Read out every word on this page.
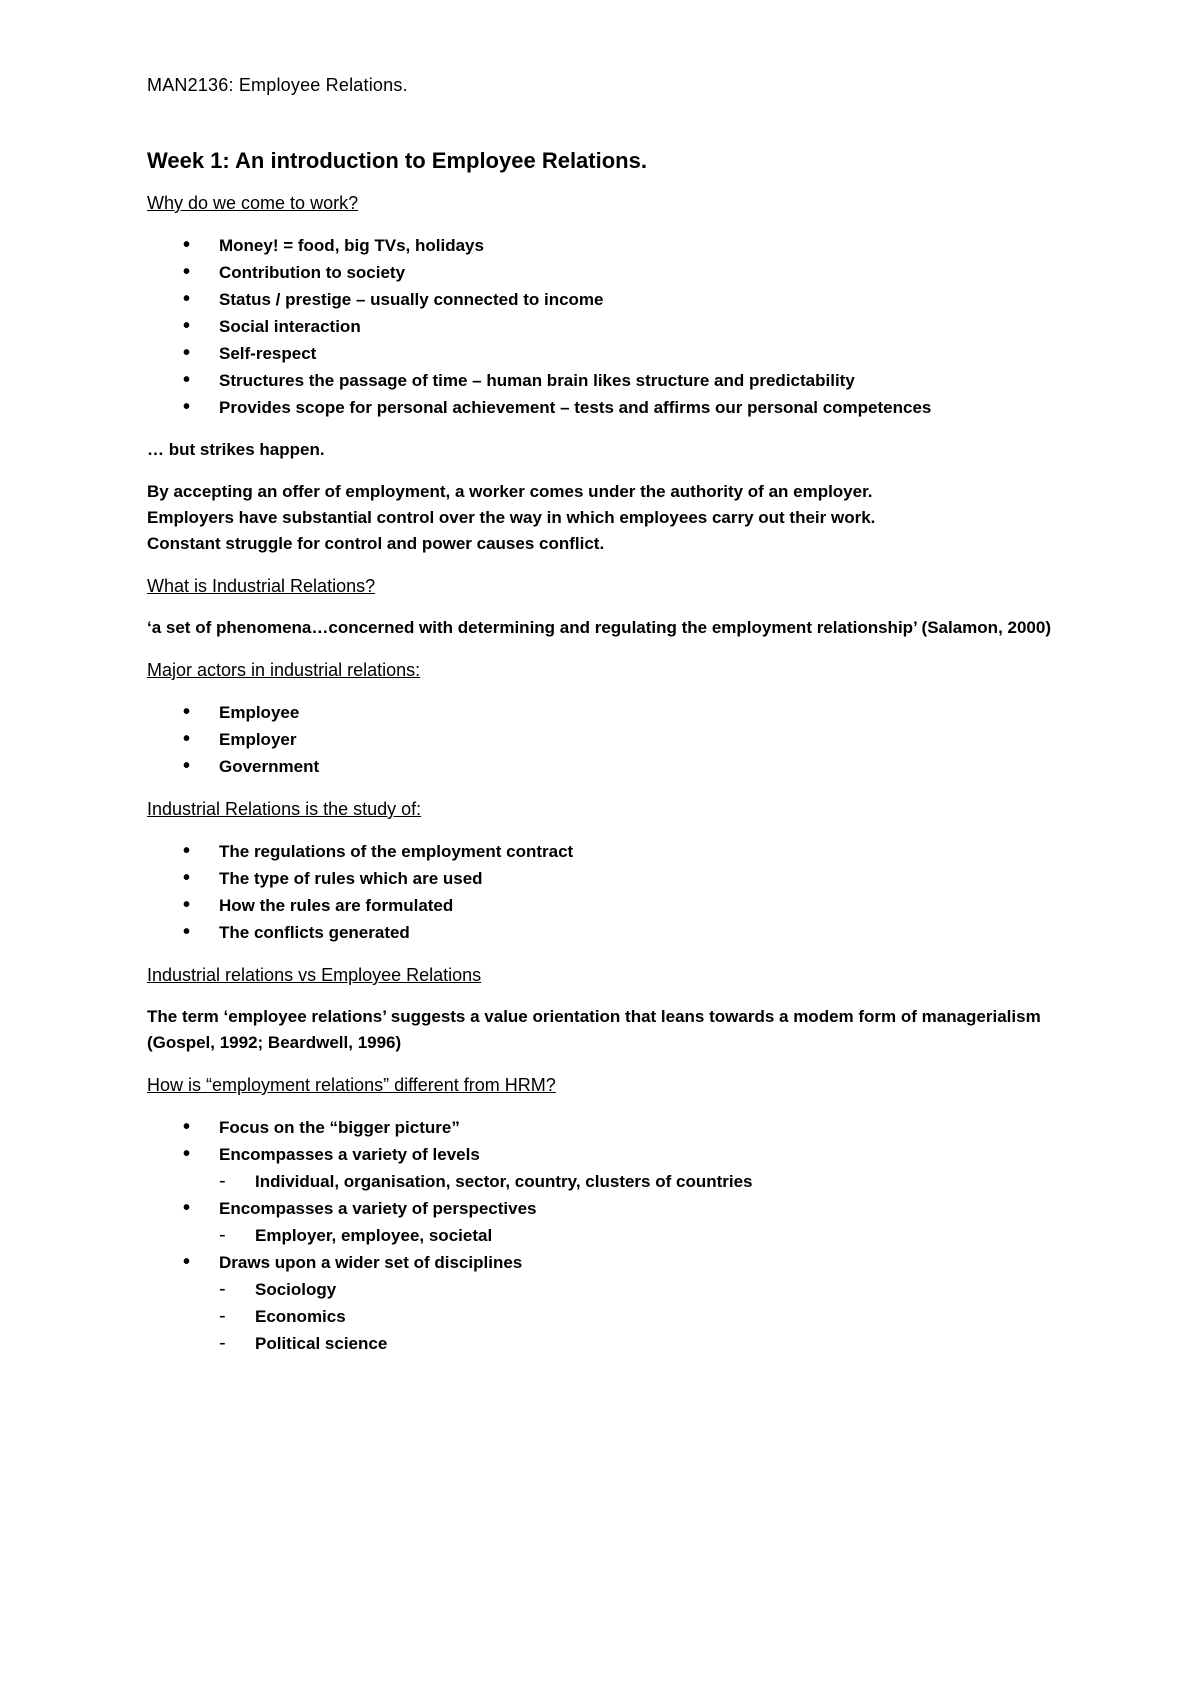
MAN2136: Employee Relations.
Week 1: An introduction to Employee Relations.
Why do we come to work?
• Money! = food, big TVs, holidays
• Contribution to society
• Status / prestige – usually connected to income
• Social interaction
• Self-respect
• Structures the passage of time – human brain likes structure and predictability
• Provides scope for personal achievement – tests and affirms our personal competences
… but strikes happen.
By accepting an offer of employment, a worker comes under the authority of an employer.
Employers have substantial control over the way in which employees carry out their work.
Constant struggle for control and power causes conflict.
What is Industrial Relations?
‘a set of phenomena…concerned with determining and regulating the employment relationship’ (Salamon, 2000)
Major actors in industrial relations:
• Employee
• Employer
• Government
Industrial Relations is the study of:
• The regulations of the employment contract
• The type of rules which are used
• How the rules are formulated
• The conflicts generated
Industrial relations vs Employee Relations
The term ‘employee relations’ suggests a value orientation that leans towards a modem form of managerialism (Gospel, 1992; Beardwell, 1996)
How is “employment relations” different from HRM?
• Focus on the “bigger picture”
• Encompasses a variety of levels
- Individual, organisation, sector, country, clusters of countries
• Encompasses a variety of perspectives
- Employer, employee, societal
• Draws upon a wider set of disciplines
- Sociology
- Economics
- Political science
